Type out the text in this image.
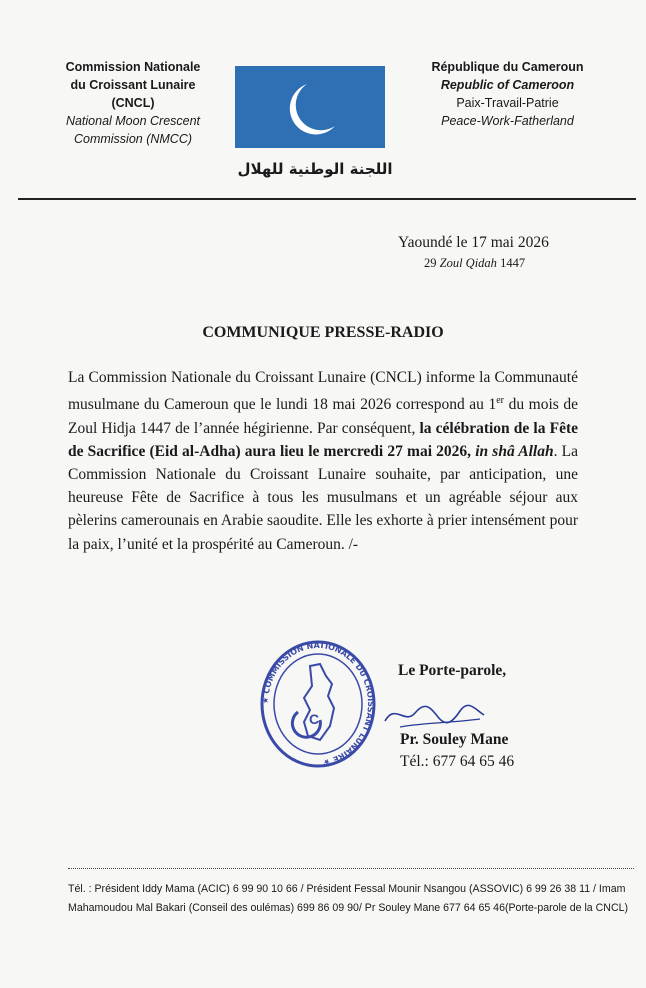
Commission Nationale
du Croissant Lunaire
(CNCL)
National Moon Crescent
Commission (NMCC)
اللجنة الوطنية للهلال
République du Cameroun
Republic of Cameroon
Paix-Travail-Patrie
Peace-Work-Fatherland
Yaoundé le 17 mai 2026
29 Zoul Qidah 1447
COMMUNIQUE PRESSE-RADIO
La Commission Nationale du Croissant Lunaire (CNCL) informe la Communauté musulmane du Cameroun que le lundi 18 mai 2026 correspond au 1er du mois de Zoul Hidja 1447 de l’année hégirienne. Par conséquent, la célébration de la Fête de Sacrifice (Eid al-Adha) aura lieu le mercredi 27 mai 2026, in shâ Allah. La Commission Nationale du Croissant Lunaire souhaite, par anticipation, une heureuse Fête de Sacrifice à tous les musulmans et un agréable séjour aux pèlerins camerounais en Arabie saoudite. Elle les exhorte à prier intensément pour la paix, l’unité et la prospérité au Cameroun. /-
★ COMMISSION NATIONALE DU CROISSANT LUNAIRE ★
C
Le Porte-parole,
Pr. Souley Mane
Tél.: 677 64 65 46
Tél. : Président Iddy Mama (ACIC) 6 99 90 10 66 / Président Fessal Mounir Nsangou (ASSOVIC) 6 99 26 38 11 / Imam Mahamoudou Mal Bakari (Conseil des oulémas) 699 86 09 90/ Pr Souley Mane 677 64 65 46(Porte-parole de la CNCL)
